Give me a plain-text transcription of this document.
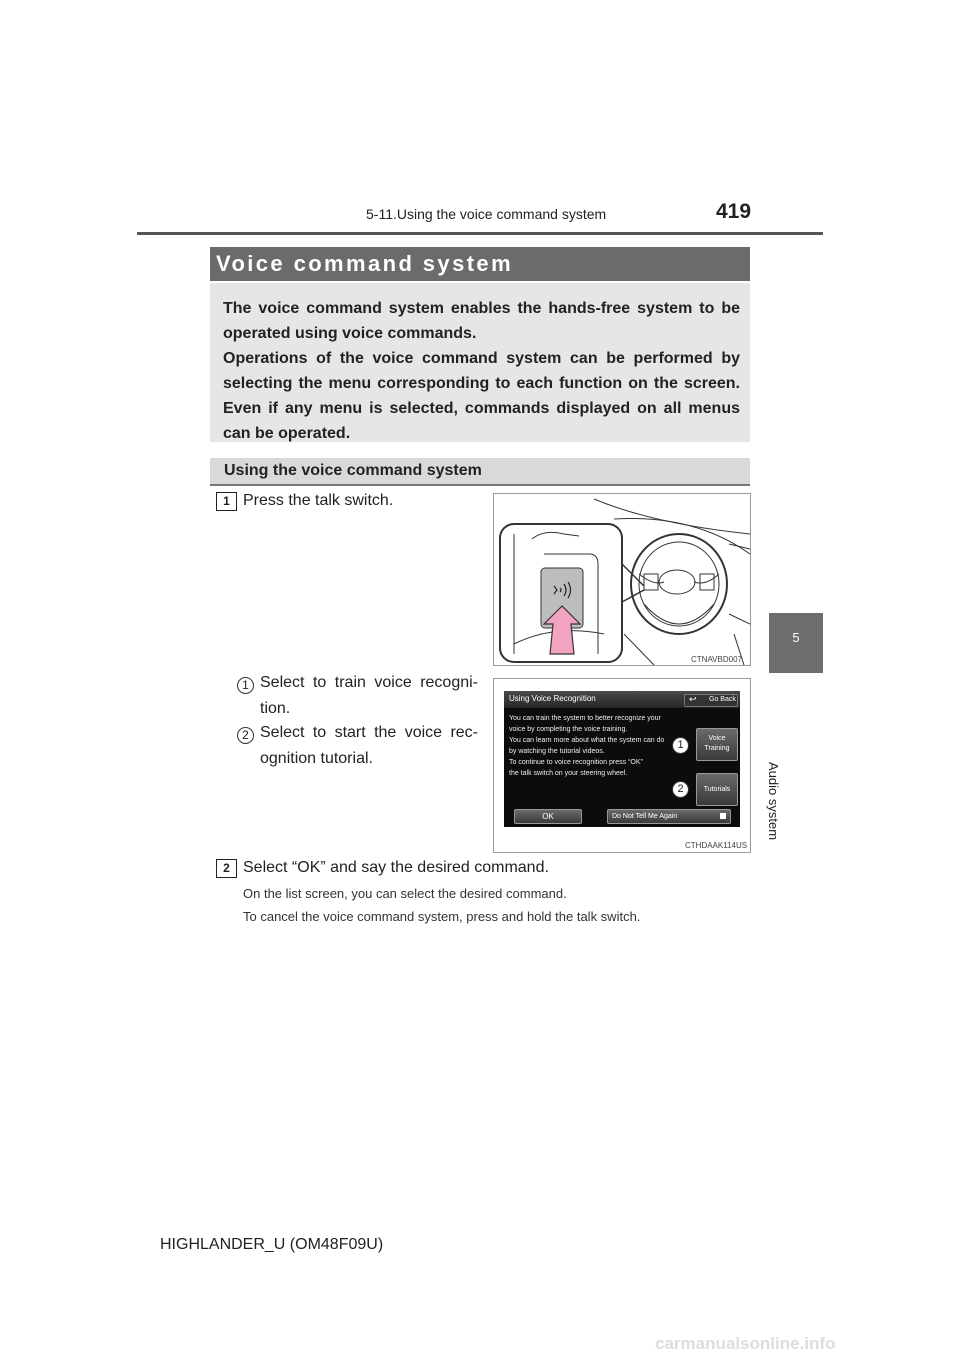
5-11.Using the voice command system	419
5
Audio system
Voice command system

The voice command system enables the hands-free system to be operated using voice commands.

Operations of the voice command system can be performed by selecting the menu corresponding to each function on the screen. Even if any menu is selected, commands displayed on all menus can be operated.

Using the voice command system
1 Press the talk switch.
CTNAVBD007
1 Select to train voice recogni- tion.

2 Select to start the voice rec- ognition tutorial.

Using Voice Recognition	↩ Go Back
You can train the system to better recognize your
voice by completing the voice training.
You can learn more about what the system can do
by watching the tutorial videos.
To continue to voice recognition press “OK”
the talk switch on your steering wheel.
Voice
Training
Tutorials
1
2
OK	Do Not Tell Me Again
CTHDAAK114US
2 Select “OK” and say the desired command.
On the list screen, you can select the desired command.
To cancel the voice command system, press and hold the talk switch.
HIGHLANDER_U (OM48F09U)
carmanualsonline.info
